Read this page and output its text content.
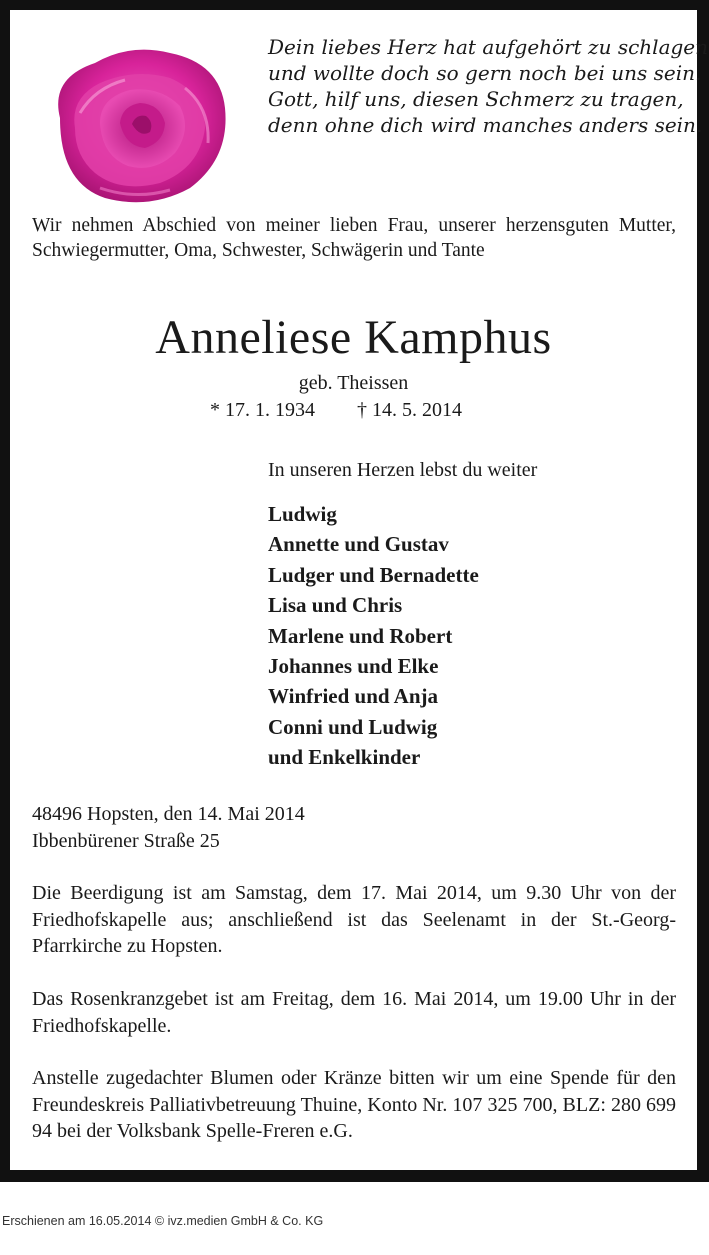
Dein liebes Herz hat aufgehört zu schlagen
und wollte doch so gern noch bei uns sein.
Gott, hilf uns, diesen Schmerz zu tragen,
denn ohne dich wird manches anders sein.
Wir nehmen Abschied von meiner lieben Frau, unserer herzensguten Mutter, Schwiegermutter, Oma, Schwester, Schwägerin und Tante
Anneliese Kamphus
geb. Theissen
* 17. 1. 1934 † 14. 5. 2014
In unseren Herzen lebst du weiter
Ludwig
Annette und Gustav
Ludger und Bernadette
Lisa und Chris
Marlene und Robert
Johannes und Elke
Winfried und Anja
Conni und Ludwig
und Enkelkinder
48496 Hopsten, den 14. Mai 2014
Ibbenbürener Straße 25
Die Beerdigung ist am Samstag, dem 17. Mai 2014, um 9.30 Uhr von der Friedhofskapelle aus; anschließend ist das Seelenamt in der St.-Georg-Pfarrkirche zu Hopsten.
Das Rosenkranzgebet ist am Freitag, dem 16. Mai 2014, um 19.00 Uhr in der Friedhofskapelle.
Anstelle zugedachter Blumen oder Kränze bitten wir um eine Spende für den Freundeskreis Palliativbetreuung Thuine, Konto Nr. 107 325 700, BLZ: 280 699 94 bei der Volksbank Spelle-Freren e.G.
Erschienen am 16.05.2014 © ivz.medien GmbH & Co. KG
